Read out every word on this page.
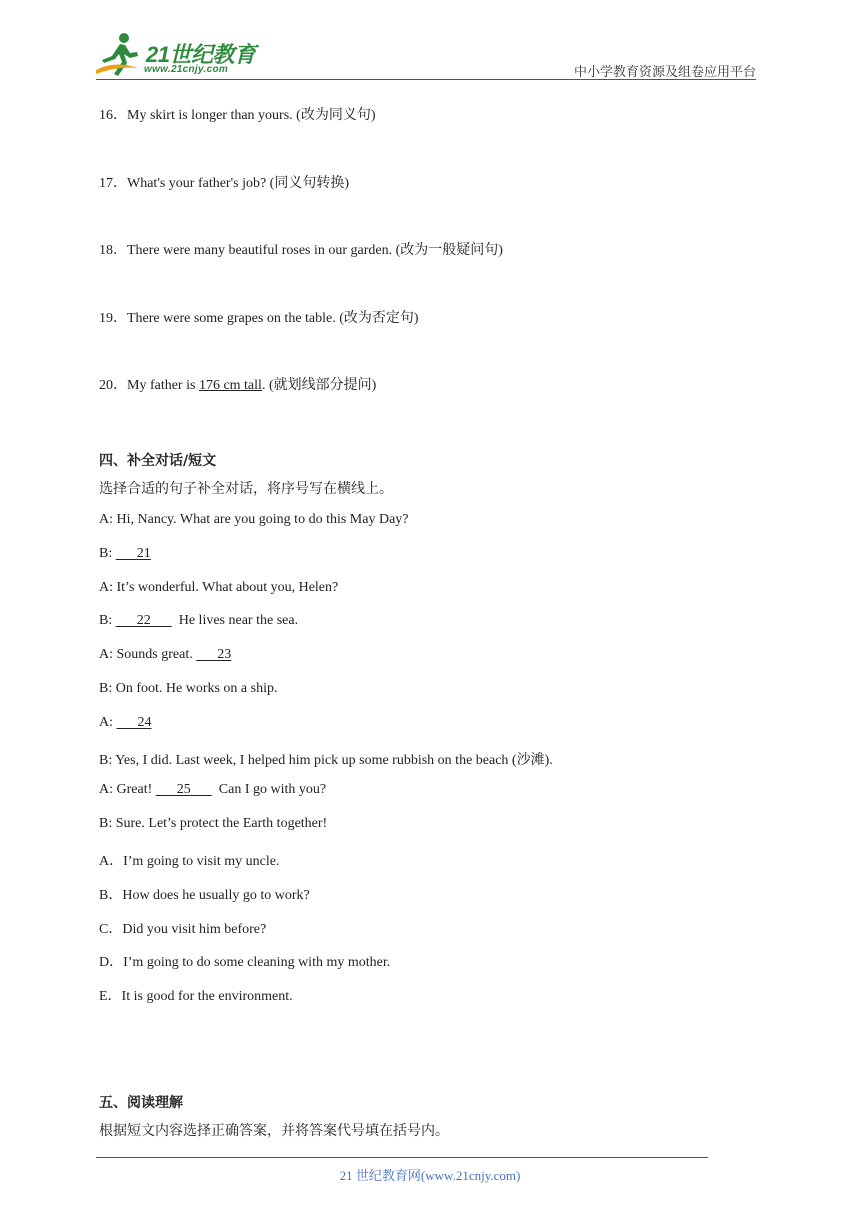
21世纪教育
www.21cnjy.com	中小学教育资源及组卷应用平台
16．My skirt is longer than yours. (改为同义句)
17．What's your father's job? (同义句转换)
18．There were many beautiful roses in our garden. (改为一般疑问句)
19．There were some grapes on the table. (改为否定句)
20．My father is 176 cm tall. (就划线部分提问)
四、补全对话/短文
选择合适的句子补全对话，将序号写在横线上。
A: Hi, Nancy. What are you going to do this May Day?
B:       21
A: It’s wonderful. What about you, Helen?
B:       22        He lives near the sea.
A: Sounds great.       23
B: On foot. He works on a ship.
A:       24
B: Yes, I did. Last week, I helped him pick up some rubbish on the beach (沙滩).
A: Great!       25        Can I go with you?
B: Sure. Let’s protect the Earth together!
A．I’m going to visit my uncle.
B．How does he usually go to work?
C．Did you visit him before?
D．I’m going to do some cleaning with my mother.
E．It is good for the environment.
五、阅读理解
根据短文内容选择正确答案，并将答案代号填在括号内。
21 世纪教育网(www.21cnjy.com)
